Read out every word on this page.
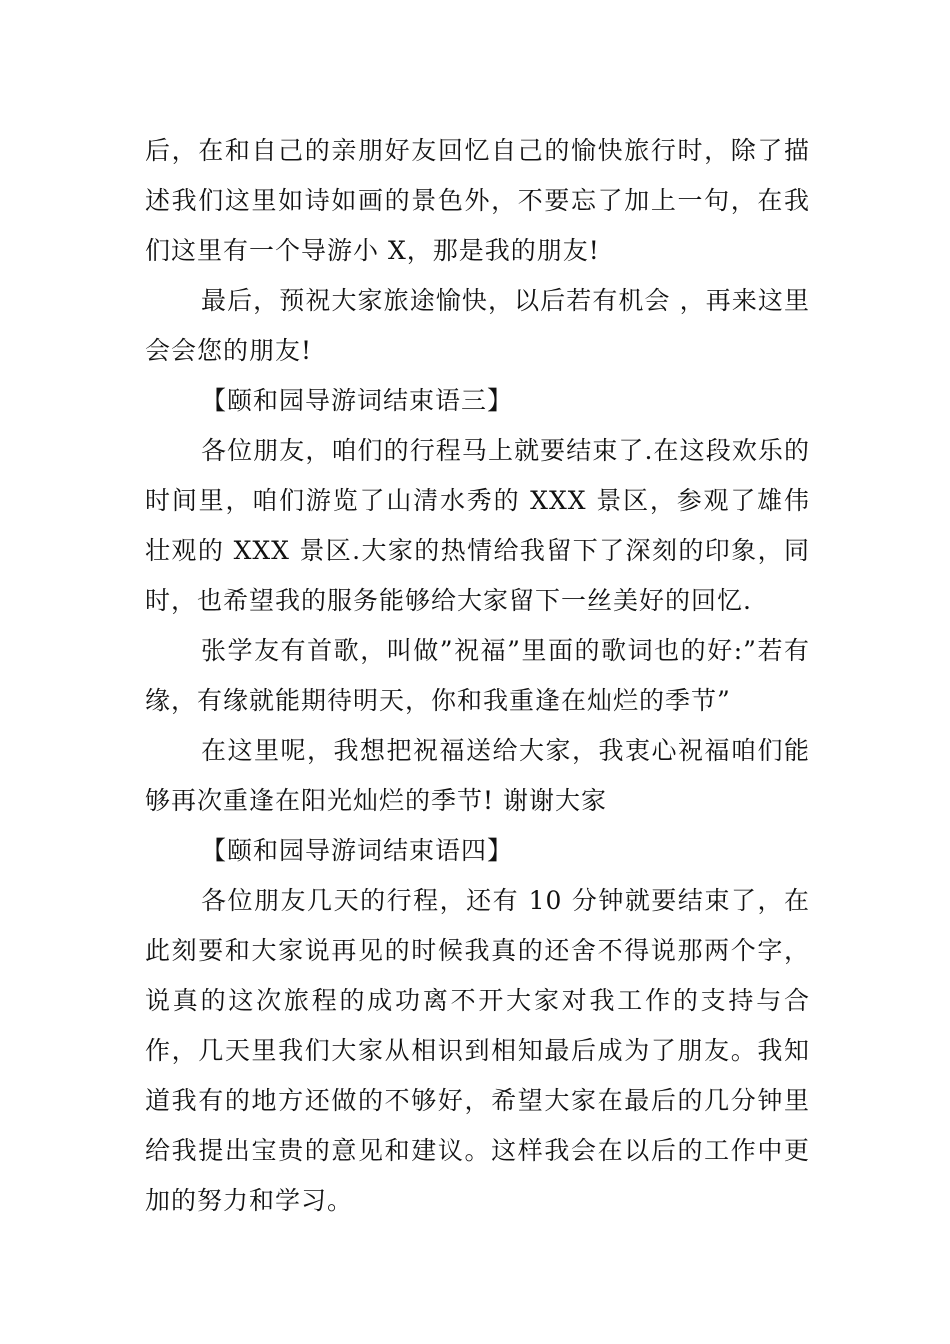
后，在和自己的亲朋好友回忆自己的愉快旅行时，除了描述我们这里如诗如画的景色外，不要忘了加上一句，在我们这里有一个导游小 X，那是我的朋友!

最后，预祝大家旅途愉快，以后若有机会 ，再来这里会会您的朋友!

【颐和园导游词结束语三】

各位朋友，咱们的行程马上就要结束了.在这段欢乐的时间里，咱们游览了山清水秀的 XXX 景区，参观了雄伟壮观的 XXX 景区.大家的热情给我留下了深刻的印象，同时，也希望我的服务能够给大家留下一丝美好的回忆.

张学友有首歌，叫做”祝福”里面的歌词也的好:”若有缘，有缘就能期待明天，你和我重逢在灿烂的季节”

在这里呢，我想把祝福送给大家，我衷心祝福咱们能够再次重逢在阳光灿烂的季节! 谢谢大家

【颐和园导游词结束语四】

各位朋友几天的行程，还有 10 分钟就要结束了，在此刻要和大家说再见的时候我真的还舍不得说那两个字，说真的这次旅程的成功离不开大家对我工作的支持与合作，几天里我们大家从相识到相知最后成为了朋友。我知道我有的地方还做的不够好，希望大家在最后的几分钟里给我提出宝贵的意见和建议。这样我会在以后的工作中更加的努力和学习。
